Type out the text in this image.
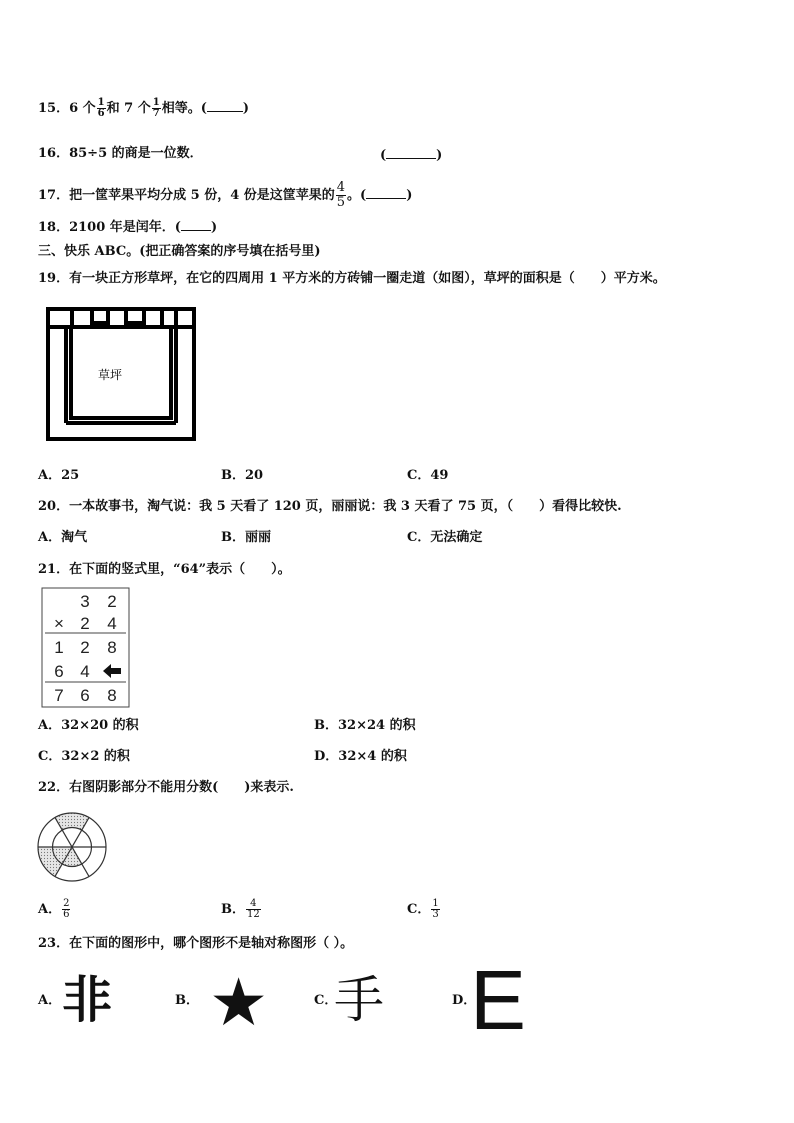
15．6 个 $\frac{1}{6}$ 和 7 个 $\frac{1}{7}$ 相等。(	)
16．85÷5 的商是一位数．	(	)
17．把一筐苹果平均分成 5 份，4 份是这筐苹果的 $\frac{4}{5}$ 。(	)
18．2100 年是闰年．( )
三、快乐 ABC。(把正确答案的序号填在括号里)
19．有一块正方形草坪，在它的四周用 1 平方米的方砖铺一圈走道（如图），草坪的面积是（　　）平方米。
草坪
A．25	B．20	C．49
20．一本故事书，淘气说：我 5 天看了 120 页，丽丽说：我 3 天看了 75 页，（　　）看得比较快.
A．淘气	B．丽丽	C．无法确定
21．在下面的竖式里，“64”表示（　　）。
3 2
× 2 4
1 2 8
6 4
7 6 8
A．32×20 的积	B．32×24 的积
C．32×2 的积	D．32×4 的积
22．右图阴影部分不能用分数(　　)来表示.
A． $\frac{2}{6}$	B． $\frac{4}{12}$	C． $\frac{1}{3}$
23．在下面的图形中，哪个图形不是轴对称图形（ ）。
A． 非	B． ★	C．
手	D．
E
